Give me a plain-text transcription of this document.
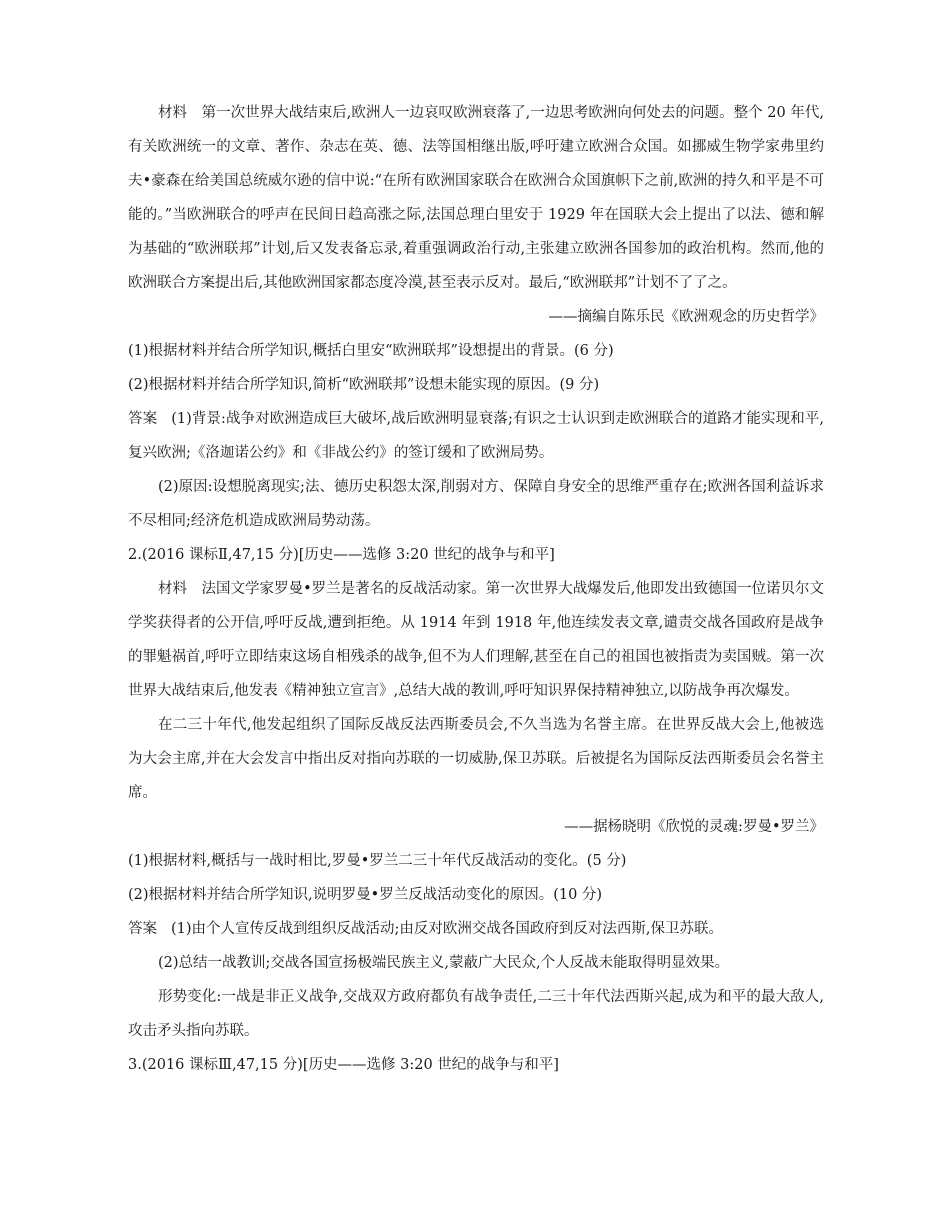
材料　 第一次世界大战结束后,欧洲人一边哀叹欧洲衰落了,一边思考欧洲向何处去的问题。整个 20 年代,有关欧洲统一的文章、著作、杂志在英、德、法等国相继出版,呼吁建立欧洲合众国。如挪威生物学家弗里约夫•豪森在给美国总统威尔逊的信中说:“在所有欧洲国家联合在欧洲合众国旗帜下之前,欧洲的持久和平是不可能的。”当欧洲联合的呼声在民间日趋高涨之际,法国总理白里安于 1929 年在国联大会上提出了以法、德和解为基础的“欧洲联邦”计划,后又发表备忘录,着重强调政治行动,主张建立欧洲各国参加的政治机构。然而,他的欧洲联合方案提出后,其他欧洲国家都态度冷漠,甚至表示反对。最后,“欧洲联邦”计划不了了之。

——摘编自陈乐民《欧洲观念的历史哲学》

(1)根据材料并结合所学知识,概括白里安“欧洲联邦”设想提出的背景。(6 分)

(2)根据材料并结合所学知识,简析“欧洲联邦”设想未能实现的原因。(9 分)

答案 (1)背景:战争对欧洲造成巨大破坏,战后欧洲明显衰落;有识之士认识到走欧洲联合的道路才能实现和平,复兴欧洲;《洛迦诺公约》和《非战公约》的签订缓和了欧洲局势。

(2)原因:设想脱离现实;法、德历史积怨太深,削弱对方、保障自身安全的思维严重存在;欧洲各国利益诉求不尽相同;经济危机造成欧洲局势动荡。

2.(2016 课标Ⅱ,47,15 分)[历史——选修 3:20 世纪的战争与和平]

材料　 法国文学家罗曼•罗兰是著名的反战活动家。第一次世界大战爆发后,他即发出致德国一位诺贝尔文学奖获得者的公开信,呼吁反战,遭到拒绝。从 1914 年到 1918 年,他连续发表文章,谴责交战各国政府是战争的罪魁祸首,呼吁立即结束这场自相残杀的战争,但不为人们理解,甚至在自己的祖国也被指责为卖国贼。第一次世界大战结束后,他发表《精神独立宣言》,总结大战的教训,呼吁知识界保持精神独立,以防战争再次爆发。

在二三十年代,他发起组织了国际反战反法西斯委员会,不久当选为名誉主席。在世界反战大会上,他被选为大会主席,并在大会发言中指出反对指向苏联的一切威胁,保卫苏联。后被提名为国际反法西斯委员会名誉主席。

——据杨晓明《欣悦的灵魂:罗曼•罗兰》

(1)根据材料,概括与一战时相比,罗曼•罗兰二三十年代反战活动的变化。(5 分)

(2)根据材料并结合所学知识,说明罗曼•罗兰反战活动变化的原因。(10 分)

答案 (1)由个人宣传反战到组织反战活动;由反对欧洲交战各国政府到反对法西斯,保卫苏联。

(2)总结一战教训;交战各国宣扬极端民族主义,蒙蔽广大民众,个人反战未能取得明显效果。

形势变化:一战是非正义战争,交战双方政府都负有战争责任,二三十年代法西斯兴起,成为和平的最大敌人,攻击矛头指向苏联。

3.(2016 课标Ⅲ,47,15 分)[历史——选修 3:20 世纪的战争与和平]
